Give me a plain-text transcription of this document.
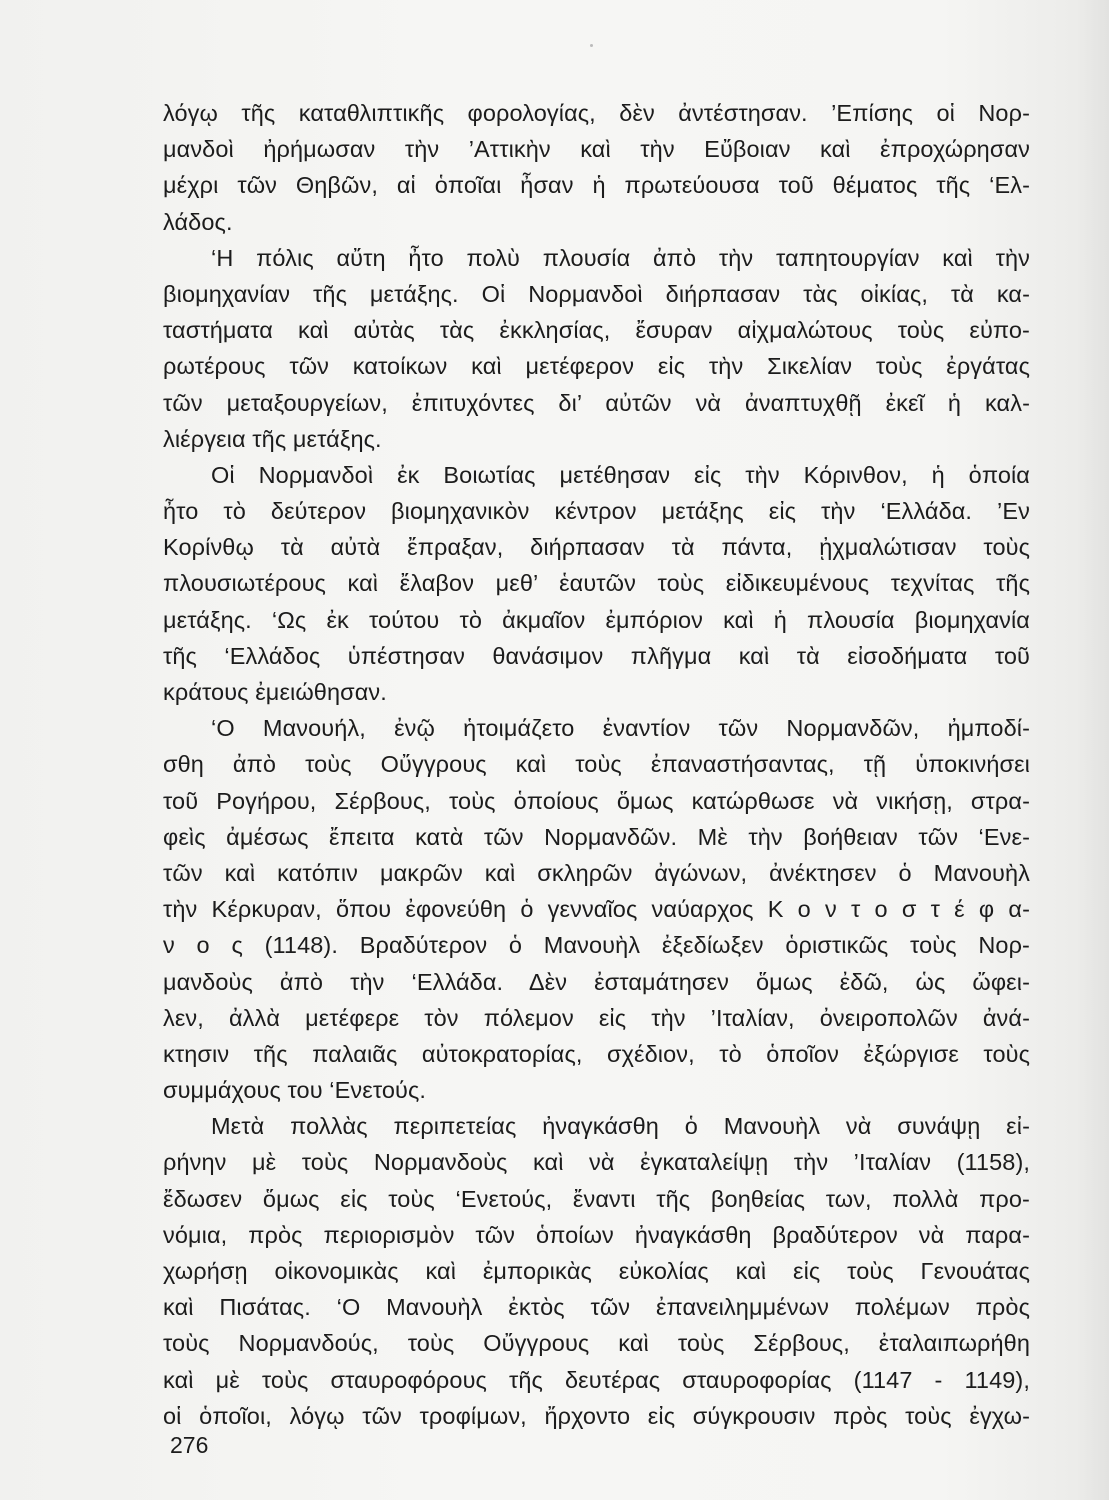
λόγῳ τῆς καταθλιπτικῆς φορολογίας, δὲν ἀντέστησαν. ’Επίσης οἱ Νορ-
μανδοὶ ἠρήμωσαν τὴν ’Αττικὴν καὶ τὴν Εὔβοιαν καὶ ἐπροχώρησαν
μέχρι τῶν Θηβῶν, αἱ ὁποῖαι ἦσαν ἡ πρωτεύουσα τοῦ θέματος τῆς ‘Ελ-
λάδος.
‘Η πόλις αὔτη ἦτο πολὺ πλουσία ἀπὸ τὴν ταπητουργίαν καὶ τὴν
βιομηχανίαν τῆς μετάξης. Οἱ Νορμανδοὶ διήρπασαν τὰς οἰκίας, τὰ κα-
ταστήματα καὶ αὐτὰς τὰς ἐκκλησίας, ἔσυραν αἰχμαλώτους τοὺς εὐπο-
ρωτέρους τῶν κατοίκων καὶ μετέφερον εἰς τὴν Σικελίαν τοὺς ἐργάτας
τῶν μεταξουργείων, ἐπιτυχόντες δι’ αὐτῶν νὰ ἀναπτυχθῇ ἐκεῖ ἡ καλ-
λιέργεια τῆς μετάξης.
Οἱ Νορμανδοὶ ἐκ Βοιωτίας μετέθησαν εἰς τὴν Κόρινθον, ἡ ὁποία
ἦτο τὸ δεύτερον βιομηχανικὸν κέντρον μετάξης εἰς τὴν ‘Ελλάδα. ’Εν
Κορίνθῳ τὰ αὐτὰ ἔπραξαν, διήρπασαν τὰ πάντα, ᾐχμαλώτισαν τοὺς
πλουσιωτέρους καὶ ἔλαβον μεθ’ ἑαυτῶν τοὺς εἰδικευμένους τεχνίτας τῆς
μετάξης. ‘Ως ἐκ τούτου τὸ ἀκμαῖον ἐμπόριον καὶ ἡ πλουσία βιομηχανία
τῆς ‘Ελλάδος ὑπέστησαν θανάσιμον πλῆγμα καὶ τὰ εἰσοδήματα τοῦ
κράτους ἐμειώθησαν.
‘Ο Μανουήλ, ἐνῷ ἡτοιμάζετο ἐναντίον τῶν Νορμανδῶν, ἠμποδί-
σθη ἀπὸ τοὺς Οὔγγρους καὶ τοὺς ἐπαναστήσαντας, τῇ ὑποκινήσει
τοῦ Ρογήρου, Σέρβους, τοὺς ὁποίους ὅμως κατώρθωσε νὰ νικήσῃ, στρα-
φεὶς ἀμέσως ἔπειτα κατὰ τῶν Νορμανδῶν. Μὲ τὴν βοήθειαν τῶν ‘Ενε-
τῶν καὶ κατόπιν μακρῶν καὶ σκληρῶν ἀγώνων, ἀνέκτησεν ὁ Μανουὴλ
τὴν Κέρκυραν, ὅπου ἐφονεύθη ὁ γενναῖος ναύαρχος Κ ο ν τ ο σ τ έ φ α-
ν ο ς (1148). Βραδύτερον ὁ Μανουὴλ ἐξεδίωξεν ὁριστικῶς τοὺς Νορ-
μανδοὺς ἀπὸ τὴν ‘Ελλάδα. Δὲν ἐσταμάτησεν ὅμως ἐδῶ, ὡς ὤφει-
λεν, ἀλλὰ μετέφερε τὸν πόλεμον εἰς τὴν ’Ιταλίαν, ὀνειροπολῶν ἀνά-
κτησιν τῆς παλαιᾶς αὐτοκρατορίας, σχέδιον, τὸ ὁποῖον ἐξώργισε τοὺς
συμμάχους του ‘Ενετούς.
Μετὰ πολλὰς περιπετείας ἠναγκάσθη ὁ Μανουὴλ νὰ συνάψῃ εἰ-
ρήνην μὲ τοὺς Νορμανδοὺς καὶ νὰ ἐγκαταλείψῃ τὴν ’Ιταλίαν (1158),
ἔδωσεν ὅμως εἰς τοὺς ‘Ενετούς, ἔναντι τῆς βοηθείας των, πολλὰ προ-
νόμια, πρὸς περιορισμὸν τῶν ὁποίων ἠναγκάσθη βραδύτερον νὰ παρα-
χωρήσῃ οἰκονομικὰς καὶ ἐμπορικὰς εὐκολίας καὶ εἰς τοὺς Γενουάτας
καὶ Πισάτας. ‘Ο Μανουὴλ ἐκτὸς τῶν ἐπανειλημμένων πολέμων πρὸς
τοὺς Νορμανδούς, τοὺς Οὔγγρους καὶ τοὺς Σέρβους, ἐταλαιπωρήθη
καὶ μὲ τοὺς σταυροφόρους τῆς δευτέρας σταυροφορίας (1147 - 1149),
οἱ ὁποῖοι, λόγῳ τῶν τροφίμων, ἤρχοντο εἰς σύγκρουσιν πρὸς τοὺς ἐγχω-
276
